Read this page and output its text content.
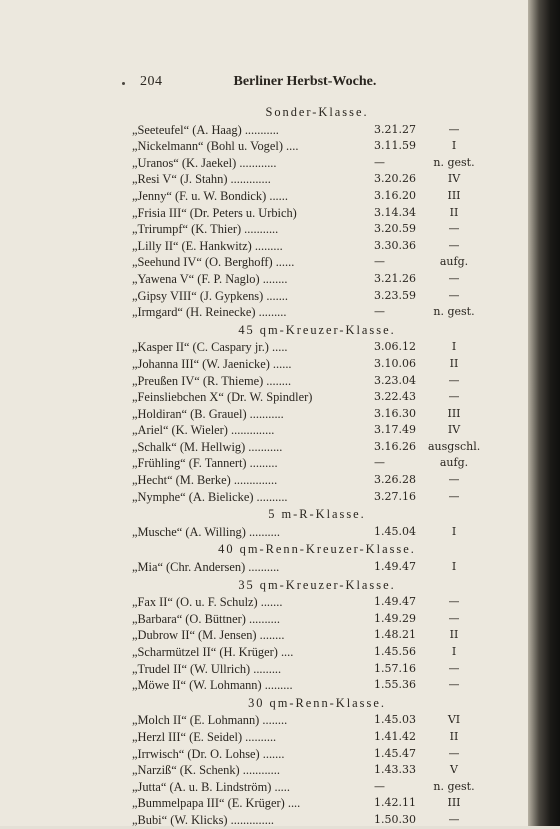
204	Berliner Herbst-Woche.
Sonder-Klasse.
„Seeteufel“ (A. Haag) ...........	3.21.27	—
„Nickelmann“ (Bohl u. Vogel) ....	3.11.59	I
„Uranos“ (K. Jaekel) ............	—	n. gest.
„Resi V“ (J. Stahn) .............	3.20.26	IV
„Jenny“ (F. u. W. Bondick) ......	3.16.20	III
„Frisia III“ (Dr. Peters u. Urbich)	3.14.34	II
„Trirumpf“ (K. Thier) ...........	3.20.59	—
„Lilly II“ (E. Hankwitz) .........	3.30.36	—
„Seehund IV“ (O. Berghoff) ......	—	aufg.
„Yawena V“ (F. P. Naglo) ........	3.21.26	—
„Gipsy VIII“ (J. Gypkens) .......	3.23.59	—
„Irmgard“ (H. Reinecke) .........	—	n. gest.
45 qm-Kreuzer-Klasse.
„Kasper II“ (C. Caspary jr.) .....	3.06.12	I
„Johanna III“ (W. Jaenicke) ......	3.10.06	II
„Preußen IV“ (R. Thieme) ........	3.23.04	—
„Feinsliebchen X“ (Dr. W. Spindler)	3.22.43	—
„Holdiran“ (B. Grauel) ...........	3.16.30	III
„Ariel“ (K. Wieler) ..............	3.17.49	IV
„Schalk“ (M. Hellwig) ...........	3.16.26	ausgschl.
„Frühling“ (F. Tannert) .........	—	aufg.
„Hecht“ (M. Berke) ..............	3.26.28	—
„Nymphe“ (A. Bielicke) ..........	3.27.16	—
5 m-R-Klasse.
„Musche“ (A. Willing) ..........	1.45.04	I
40 qm-Renn-Kreuzer-Klasse.
„Mia“ (Chr. Andersen) ..........	1.49.47	I
35 qm-Kreuzer-Klasse.
„Fax II“ (O. u. F. Schulz) .......	1.49.47	—
„Barbara“ (O. Büttner) ..........	1.49.29	—
„Dubrow II“ (M. Jensen) ........	1.48.21	II
„Scharmützel II“ (H. Krüger) ....	1.45.56	I
„Trudel II“ (W. Ullrich) .........	1.57.16	—
„Möwe II“ (W. Lohmann) .........	1.55.36	—
30 qm-Renn-Klasse.
„Molch II“ (E. Lohmann) ........	1.45.03	VI
„Herzl III“ (E. Seidel) ..........	1.41.42	II
„Irrwisch“ (Dr. O. Lohse) .......	1.45.47	—
„Narziß“ (K. Schenk) ............	1.43.33	V
„Jutta“ (A. u. B. Lindström) .....	—	n. gest.
„Bummelpapa III“ (E. Krüger) ....	1.42.11	III
„Bubi“ (W. Klicks) ..............	1.50.30	—
